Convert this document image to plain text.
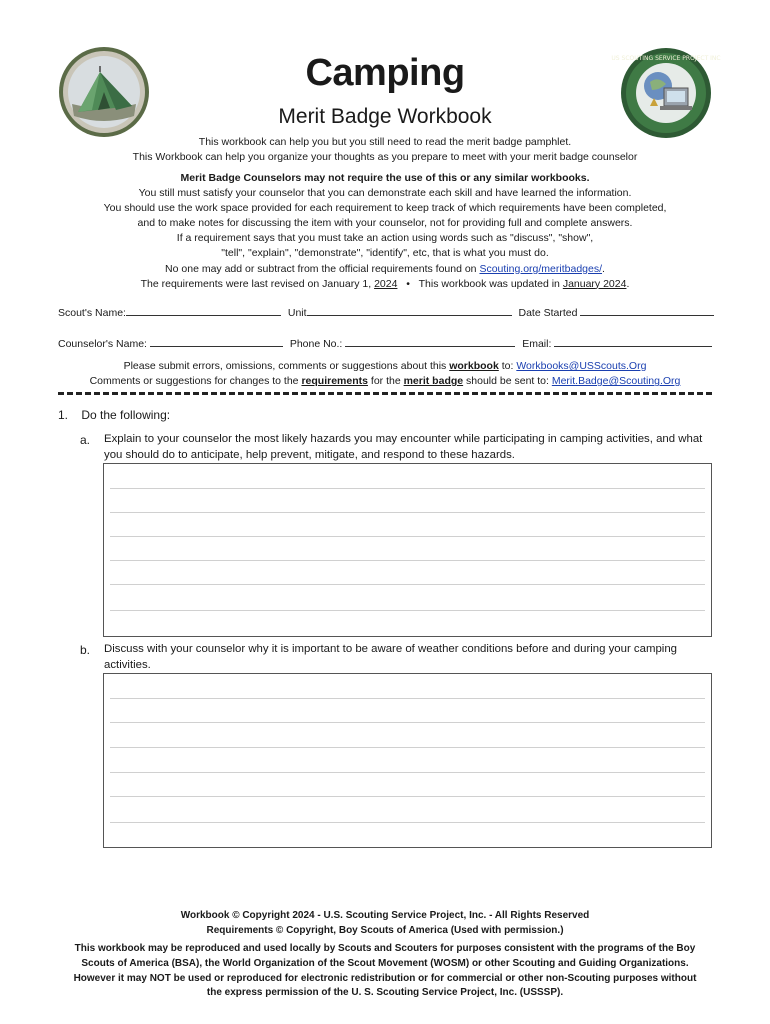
US SCOUTING SERVICE PROJECT INC
Camping
Merit Badge Workbook
This workbook can help you but you still need to read the merit badge pamphlet.
This Workbook can help you organize your thoughts as you prepare to meet with your merit badge counselor
Merit Badge Counselors may not require the use of this or any similar workbooks.
You still must satisfy your counselor that you can demonstrate each skill and have learned the information.
You should use the work space provided for each requirement to keep track of which requirements have been completed,
and to make notes for discussing the item with your counselor, not for providing full and complete answers.
If a requirement says that you must take an action using words such as "discuss", "show",
"tell", "explain", "demonstrate", "identify", etc, that is what you must do.
No one may add or subtract from the official requirements found on Scouting.org/meritbadges/.
The requirements were last revised on January 1, 2024 • This workbook was updated in January 2024.
Scout's Name:	Unit	Date Started
Counselor's Name:	Phone No.:	Email:
Please submit errors, omissions, comments or suggestions about this workbook to: Workbooks@USScouts.Org
Comments or suggestions for changes to the requirements for the merit badge should be sent to: Merit.Badge@Scouting.Org
1. Do the following:
a. Explain to your counselor the most likely hazards you may encounter while participating in camping activities, and what
you should do to anticipate, help prevent, mitigate, and respond to these hazards.
b. Discuss with your counselor why it is important to be aware of weather conditions before and during your camping
activities.
Workbook © Copyright 2024 - U.S. Scouting Service Project, Inc. - All Rights Reserved
Requirements © Copyright, Boy Scouts of America (Used with permission.)
This workbook may be reproduced and used locally by Scouts and Scouters for purposes consistent with the programs of the Boy
Scouts of America (BSA), the World Organization of the Scout Movement (WOSM) or other Scouting and Guiding Organizations.
However it may NOT be used or reproduced for electronic redistribution or for commercial or other non-Scouting purposes without
the express permission of the U. S. Scouting Service Project, Inc. (USSSP).
